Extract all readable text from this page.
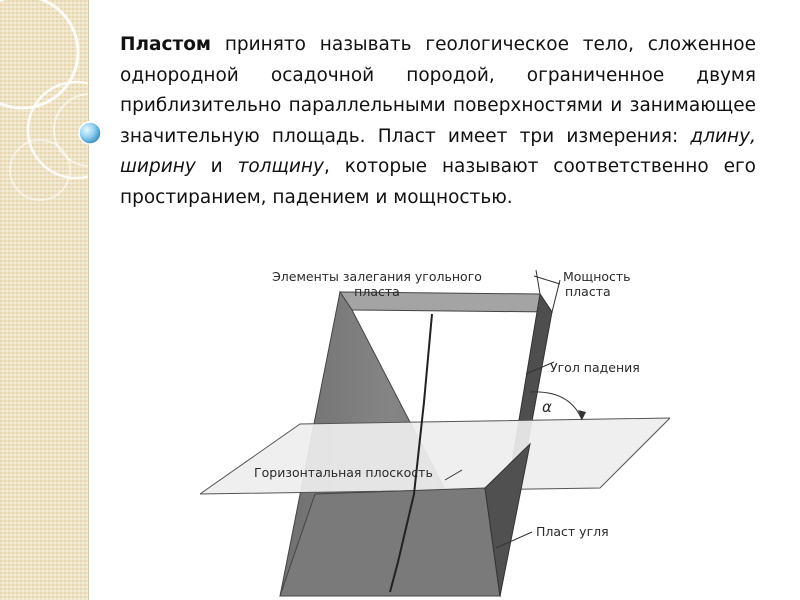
Пластом принято называть геологическое тело, сложенное однородной осадочной породой, ограниченное двумя приблизительно параллельными поверхностями и занимающее значительную площадь. Пласт имеет три измерения: длину, ширину и толщину, которые называют соответственно его простиранием, падением и мощностью.
Элементы залегания угольного
пласта
Мощность
пласта
Угол падения
α
Горизонтальная плоскость
Пласт угля
